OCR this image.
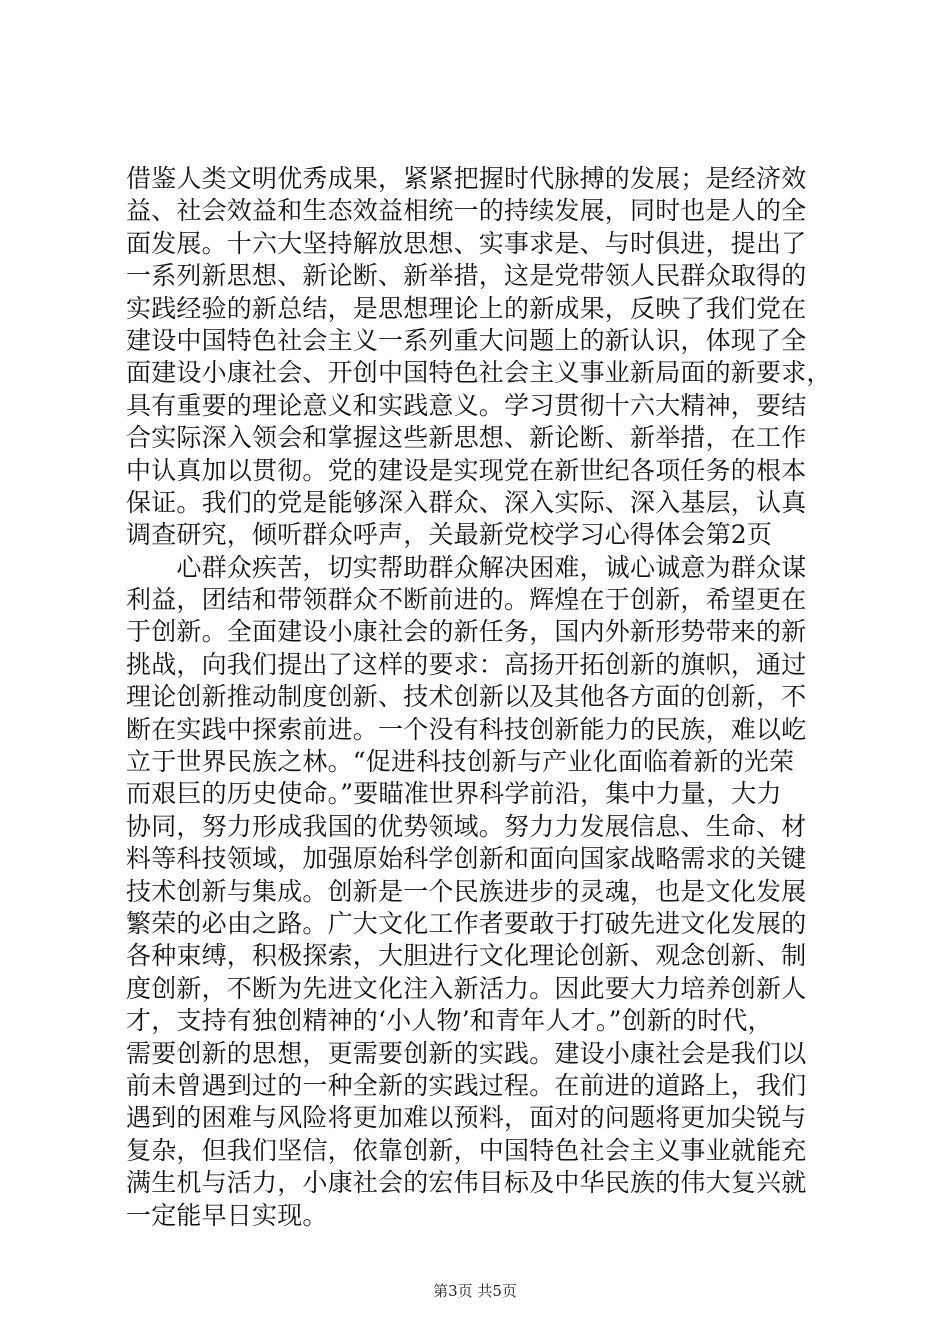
借鉴人类文明优秀成果，紧紧把握时代脉搏的发展；是经济效
益、社会效益和生态效益相统一的持续发展，同时也是人的全
面发展。十六大坚持解放思想、实事求是、与时俱进，提出了
一系列新思想、新论断、新举措，这是党带领人民群众取得的
实践经验的新总结，是思想理论上的新成果，反映了我们党在
建设中国特色社会主义一系列重大问题上的新认识，体现了全
面建设小康社会、开创中国特色社会主义事业新局面的新要求，
具有重要的理论意义和实践意义。学习贯彻十六大精神，要结
合实际深入领会和掌握这些新思想、新论断、新举措，在工作
中认真加以贯彻。党的建设是实现党在新世纪各项任务的根本
保证。我们的党是能够深入群众、深入实际、深入基层，认真
调查研究，倾听群众呼声，关最新党校学习心得体会第2页
　　心群众疾苦，切实帮助群众解决困难，诚心诚意为群众谋
利益，团结和带领群众不断前进的。辉煌在于创新，希望更在
于创新。全面建设小康社会的新任务，国内外新形势带来的新
挑战，向我们提出了这样的要求：高扬开拓创新的旗帜，通过
理论创新推动制度创新、技术创新以及其他各方面的创新，不
断在实践中探索前进。一个没有科技创新能力的民族，难以屹
立于世界民族之林。“促进科技创新与产业化面临着新的光荣
而艰巨的历史使命。”要瞄准世界科学前沿，集中力量，大力
协同，努力形成我国的优势领域。努力力发展信息、生命、材
料等科技领域，加强原始科学创新和面向国家战略需求的关键
技术创新与集成。创新是一个民族进步的灵魂，也是文化发展
繁荣的必由之路。广大文化工作者要敢于打破先进文化发展的
各种束缚，积极探索，大胆进行文化理论创新、观念创新、制
度创新，不断为先进文化注入新活力。因此要大力培养创新人
才，支持有独创精神的‘小人物’和青年人才。”创新的时代，
需要创新的思想，更需要创新的实践。建设小康社会是我们以
前未曾遇到过的一种全新的实践过程。在前进的道路上，我们
遇到的困难与风险将更加难以预料，面对的问题将更加尖锐与
复杂，但我们坚信，依靠创新，中国特色社会主义事业就能充
满生机与活力，小康社会的宏伟目标及中华民族的伟大复兴就
一定能早日实现。
第3页 共5页
